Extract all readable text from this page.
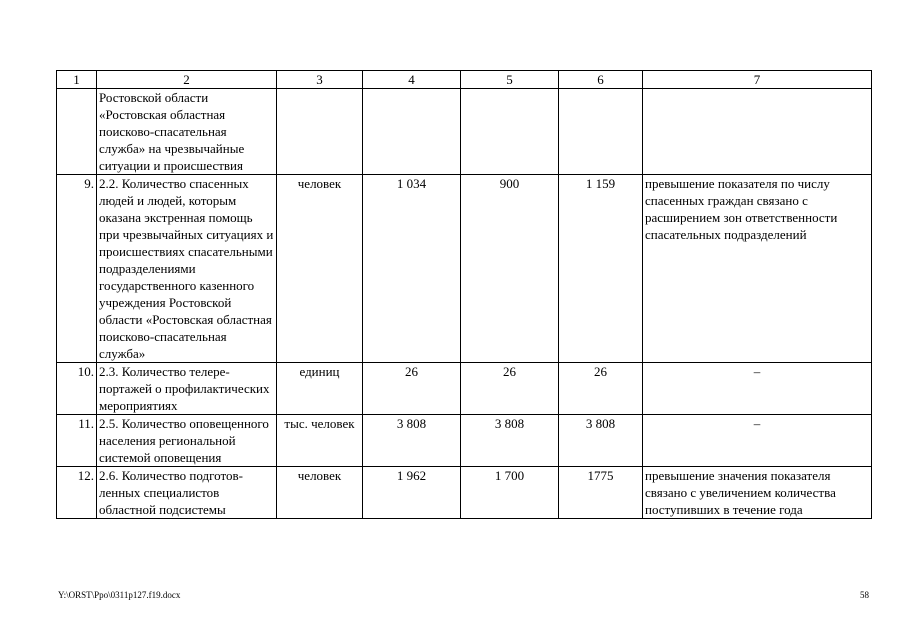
1	2	3	4	5	6	7
	Ростовской области «Ростовская областная поисково-спасательная служба» на чрезвычайные ситуации и происшествия					
9.	2.2. Количество спасенных людей и людей, которым оказана экстренная помощь при чрезвычайных ситуациях и происшествиях спасательными подразделениями государственного казенного учреждения Ростовской области «Ростовская областная поисково-спасательная служба»	человек	1 034	900	1 159	превышение показателя по числу спасенных граждан связано с расширением зон ответственности спасательных подразделений
10.	2.3. Количество телерепортажей о профилактических мероприятиях	единиц	26	26	26	–
11.	2.5. Количество оповещенного населения региональной системой оповещения	тыс. человек	3 808	3 808	3 808	–
12.	2.6. Количество подготовленных специалистов областной подсистемы	человек	1 962	1 700	1775	превышение значения показателя связано с увеличением количества поступивших в течение года
Y:\ORST\Ppo\0311p127.f19.docx	58
